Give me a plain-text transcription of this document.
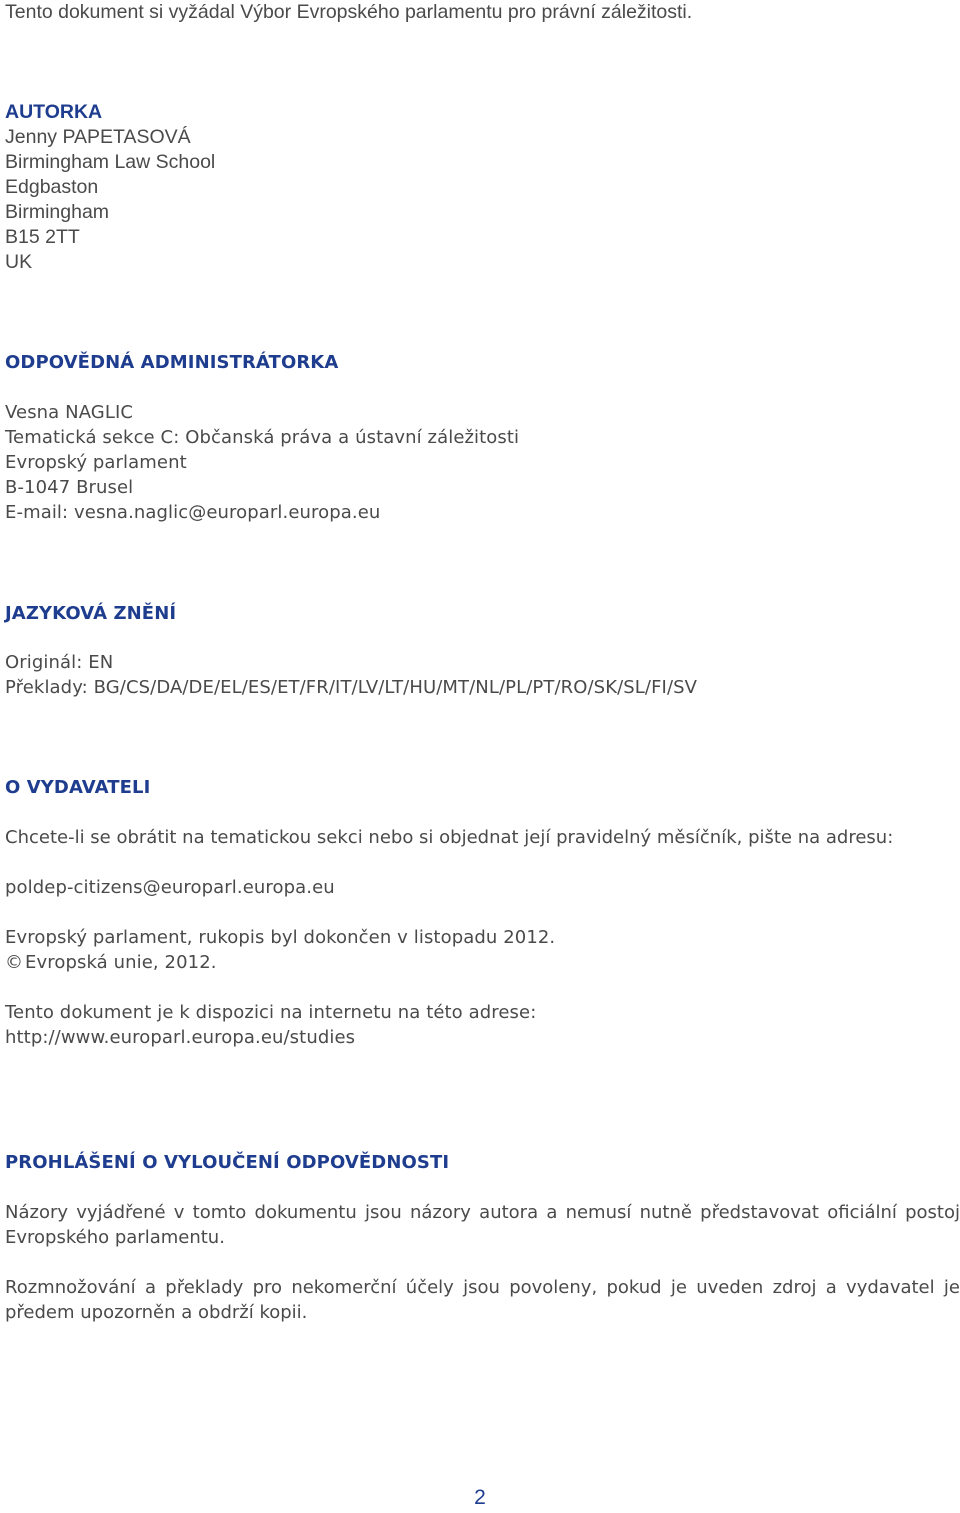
Tento dokument si vyžádal Výbor Evropského parlamentu pro právní záležitosti.
AUTORKA
Jenny PAPETASOVÁ
Birmingham Law School
Edgbaston
Birmingham
B15 2TT
UK
ODPOVĚDNÁ ADMINISTRÁTORKA
Vesna NAGLIC
Tematická sekce C: Občanská práva a ústavní záležitosti
Evropský parlament
B-1047 Brusel
E-mail: vesna.naglic@europarl.europa.eu
JAZYKOVÁ ZNĚNÍ
Originál: EN
Překlady: BG/CS/DA/DE/EL/ES/ET/FR/IT/LV/LT/HU/MT/NL/PL/PT/RO/SK/SL/FI/SV
O VYDAVATELI
Chcete-li se obrátit na tematickou sekci nebo si objednat její pravidelný měsíčník, pište na adresu:
poldep-citizens@europarl.europa.eu
Evropský parlament, rukopis byl dokončen v listopadu 2012.
© Evropská unie, 2012.
Tento dokument je k dispozici na internetu na této adrese:
http://www.europarl.europa.eu/studies
PROHLÁŠENÍ O VYLOUČENÍ ODPOVĚDNOSTI
Názory vyjádřené v tomto dokumentu jsou názory autora a nemusí nutně představovat oficiální postoj Evropského parlamentu.
Rozmnožování a překlady pro nekomerční účely jsou povoleny, pokud je uveden zdroj a vydavatel je předem upozorněn a obdrží kopii.
2
